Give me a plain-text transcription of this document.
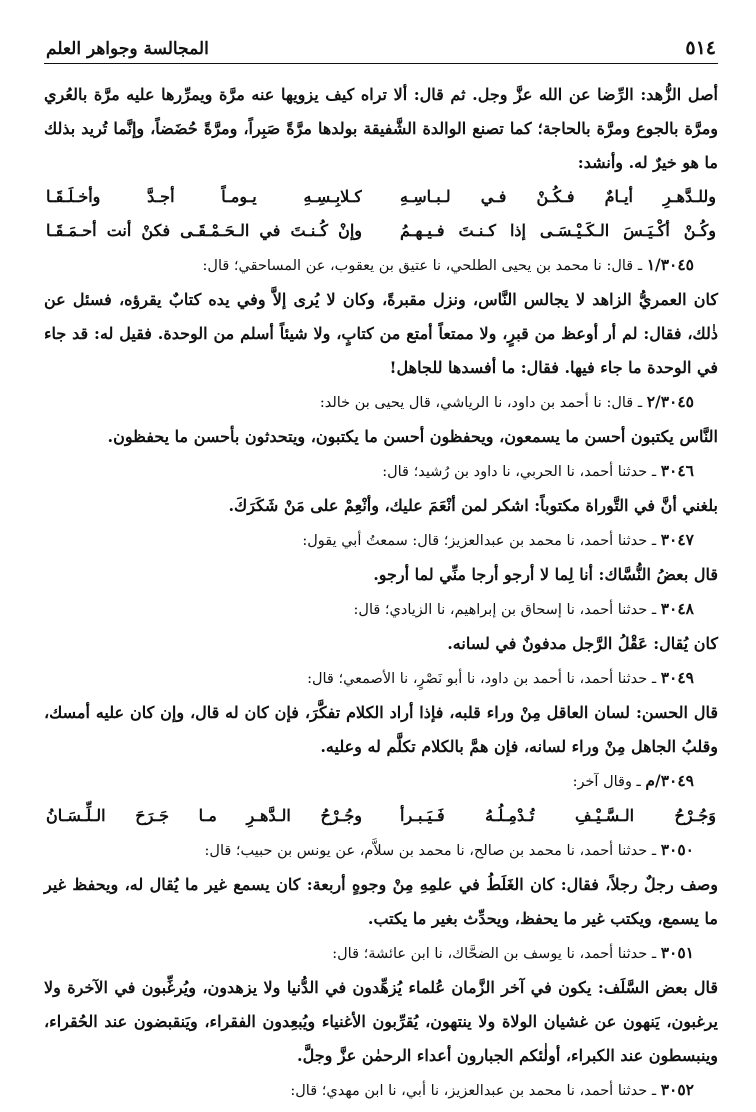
٥١٤
المجالسة وجواهر العلم

أصل الزُّهد: الرِّضا عن الله عزَّ وجل. ثم قال: ألا تراه كيف يزويها عنه مرَّة ويمرِّرها عليه مرَّة بالعُري ومرَّة بالجوع ومرَّة بالحاجة؛ كما تصنع الوالدة الشَّفيقة بولدها مرَّةً صَبِراً، ومرَّةً حُضَضاً، وإنَّما تُريد بذلك ما هو خيرٌ له. وأنشد:

وللـدَّهـرِ أيـامٌ فـكُـنْ فـي لـبـاسِـهِ
كـلابِـسِـهِ يـومـاً أجـدَّ وأخـلَـقَـا
وكُـنْ أكْـيَـسَ الـكَـيْـسَـى إذا كـنـتَ فـيـهـمُ
وإنْ كُـنـتَ في الـحَـمْـقَـى فكنْ أنت أحـمَـقَـا

١/٣٠٤٥ ـ قال: نا محمد بن يحيى الطلحي، نا عتيق بن يعقوب، عن المساحقي؛ قال:

كان العمريُّ الزاهد لا يجالس النَّاس، ونزل مقبرةً، وكان لا يُرى إلاَّ وفي يده كتابٌ يقرؤه، فسئل عن ذٰلك، فقال: لم أر أوعظ من قبرٍ، ولا ممتعاً أمتع من كتابٍ، ولا شيئاً أسلم من الوحدة. فقيل له: قد جاء في الوحدة ما جاء فيها. فقال: ما أفسدها للجاهل!

٢/٣٠٤٥ ـ قال: نا أحمد بن داود، نا الرياشي، قال يحيى بن خالد:

النَّاس يكتبون أحسن ما يسمعون، ويحفظون أحسن ما يكتبون، ويتحدثون بأحسن ما يحفظون.

٣٠٤٦ ـ حدثنا أحمد، نا الحربي، نا داود بن رُشيد؛ قال:

بلغني أنَّ في التَّوراة مكتوباً: اشكر لمن أنْعَمَ عليك، وأنْعِمْ على مَنْ شَكَرَكَ.

٣٠٤٧ ـ حدثنا أحمد، نا محمد بن عبدالعزيز؛ قال: سمعتُ أبي يقول:

قال بعضُ النُّسَّاك: أنا لِما لا أرجو أرجا منِّي لما أرجو.

٣٠٤٨ ـ حدثنا أحمد، نا إسحاق بن إبراهيم، نا الزيادي؛ قال:

كان يُقال: عَقْلُ الرَّجل مدفونٌ في لسانه.

٣٠٤٩ ـ حدثنا أحمد، نا أحمد بن داود، نا أبو نَصْرٍ، نا الأصمعي؛ قال:

قال الحسن: لسان العاقل مِنْ وراء قلبه، فإذا أراد الكلام تفكَّرَ، فإن كان له قال، وإن كان عليه أمسك، وقلبُ الجاهل مِنْ وراء لسانه، فإن همَّ بالكلام تكلَّم له وعليه.

٣٠٤٩/م ـ وقال آخر:

وَجُـرْحُ الـسَّـيْـفِ تُـدْمِـلُـهُ فَـيَـبـرأ
وجُـرْحُ الـدَّهـرِ مـا جَـرَحَ الـلِّـسَـانُ

٣٠٥٠ ـ حدثنا أحمد، نا محمد بن صالح، نا محمد بن سلاَّم، عن يونس بن حبيب؛ قال:

وصف رجلٌ رجلاً، فقال: كان الغَلَطُ في علمِهِ مِنْ وجوهٍ أربعة: كان يسمع غير ما يُقال له، ويحفظ غير ما يسمع، ويكتب غير ما يحفظ، ويحدِّث بغير ما يكتب.

٣٠٥١ ـ حدثنا أحمد، نا يوسف بن الضحَّاك، نا ابن عائشة؛ قال:

قال بعض السَّلَف: يكون في آخر الزَّمان عُلماء يُزهِّدون في الدُّنيا ولا يزهدون، ويُرغِّبون في الآخرة ولا يرغبون، يَنهون عن غشيان الولاة ولا ينتهون، يُقرِّبون الأغنياء ويُبعِدون الفقراء، ويَنقبضون عند الحُقراء، وينبسطون عند الكبراء، أولٰئكم الجبارون أعداء الرحمٰن عزَّ وجلَّ.

٣٠٥٢ ـ حدثنا أحمد، نا محمد بن عبدالعزيز، نا أبي، نا ابن مهدي؛ قال:
